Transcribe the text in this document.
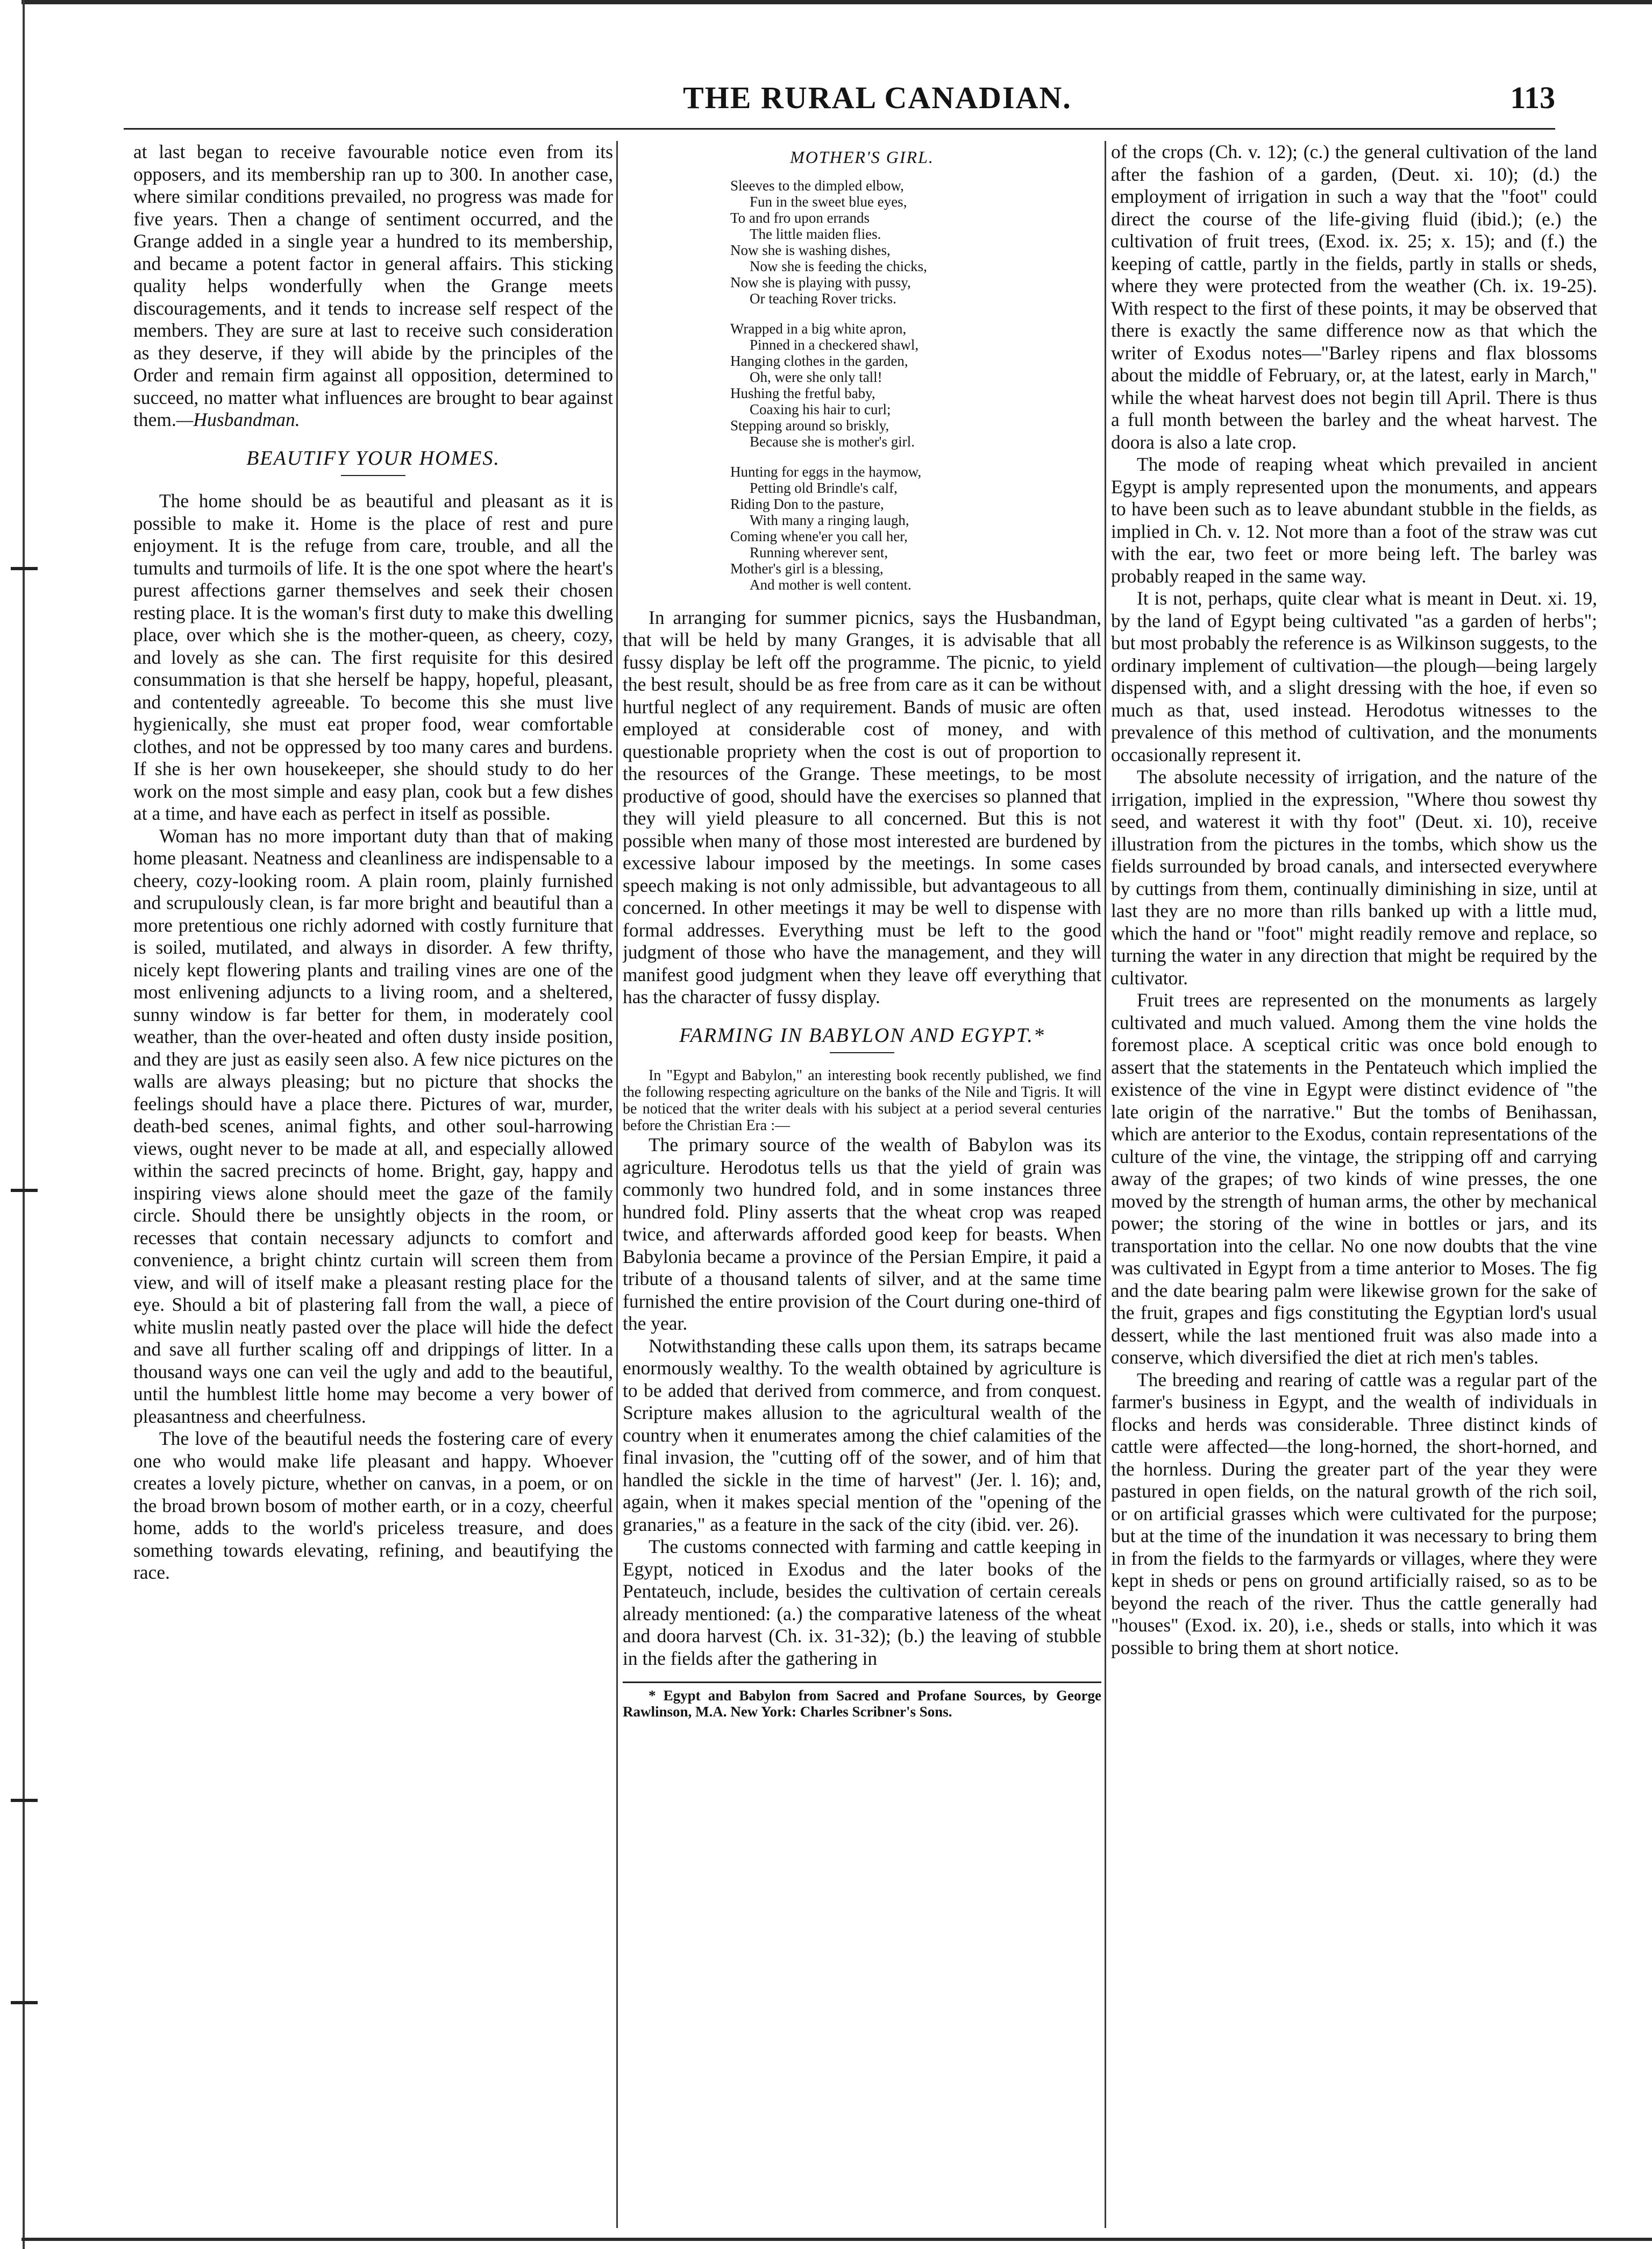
THE RURAL CANADIAN.	113

at last began to receive favourable notice even from its opposers, and its membership ran up to 300. In another case, where similar conditions prevailed, no progress was made for five years. Then a change of sentiment occurred, and the Grange added in a single year a hundred to its membership, and became a potent factor in general affairs. This sticking quality helps wonderfully when the Grange meets discouragements, and it tends to increase self respect of the members. They are sure at last to receive such consideration as they deserve, if they will abide by the principles of the Order and remain firm against all opposition, determined to succeed, no matter what influences are brought to bear against them.—Husbandman.

BEAUTIFY YOUR HOMES.

The home should be as beautiful and pleasant as it is possible to make it. Home is the place of rest and pure enjoyment. It is the refuge from care, trouble, and all the tumults and turmoils of life. It is the one spot where the heart's purest affections garner themselves and seek their chosen resting place. It is the woman's first duty to make this dwelling place, over which she is the mother-queen, as cheery, cozy, and lovely as she can. The first requisite for this desired consummation is that she herself be happy, hopeful, pleasant, and contentedly agreeable. To become this she must live hygienically, she must eat proper food, wear comfortable clothes, and not be oppressed by too many cares and burdens. If she is her own housekeeper, she should study to do her work on the most simple and easy plan, cook but a few dishes at a time, and have each as perfect in itself as possible.

Woman has no more important duty than that of making home pleasant. Neatness and cleanliness are indispensable to a cheery, cozy-looking room. A plain room, plainly furnished and scrupulously clean, is far more bright and beautiful than a more pretentious one richly adorned with costly furniture that is soiled, mutilated, and always in disorder. A few thrifty, nicely kept flowering plants and trailing vines are one of the most enlivening adjuncts to a living room, and a sheltered, sunny window is far better for them, in moderately cool weather, than the over-heated and often dusty inside position, and they are just as easily seen also. A few nice pictures on the walls are always pleasing; but no picture that shocks the feelings should have a place there. Pictures of war, murder, death-bed scenes, animal fights, and other soul-harrowing views, ought never to be made at all, and especially allowed within the sacred precincts of home. Bright, gay, happy and inspiring views alone should meet the gaze of the family circle. Should there be unsightly objects in the room, or recesses that contain necessary adjuncts to comfort and convenience, a bright chintz curtain will screen them from view, and will of itself make a pleasant resting place for the eye. Should a bit of plastering fall from the wall, a piece of white muslin neatly pasted over the place will hide the defect and save all further scaling off and drippings of litter. In a thousand ways one can veil the ugly and add to the beautiful, until the humblest little home may become a very bower of pleasantness and cheerfulness.

The love of the beautiful needs the fostering care of every one who would make life pleasant and happy. Whoever creates a lovely picture, whether on canvas, in a poem, or on the broad brown bosom of mother earth, or in a cozy, cheerful home, adds to the world's priceless treasure, and does something towards elevating, refining, and beautifying the race.

MOTHER'S GIRL.
Sleeves to the dimpled elbow,
Fun in the sweet blue eyes,
To and fro upon errands
The little maiden flies.
Now she is washing dishes,
Now she is feeding the chicks,
Now she is playing with pussy,
Or teaching Rover tricks.
Wrapped in a big white apron,
Pinned in a checkered shawl,
Hanging clothes in the garden,
Oh, were she only tall!
Hushing the fretful baby,
Coaxing his hair to curl;
Stepping around so briskly,
Because she is mother's girl.
Hunting for eggs in the haymow,
Petting old Brindle's calf,
Riding Don to the pasture,
With many a ringing laugh,
Coming whene'er you call her,
Running wherever sent,
Mother's girl is a blessing,
And mother is well content.

In arranging for summer picnics, says the Husbandman, that will be held by many Granges, it is advisable that all fussy display be left off the programme. The picnic, to yield the best result, should be as free from care as it can be without hurtful neglect of any requirement. Bands of music are often employed at considerable cost of money, and with questionable propriety when the cost is out of proportion to the resources of the Grange. These meetings, to be most productive of good, should have the exercises so planned that they will yield pleasure to all concerned. But this is not possible when many of those most interested are burdened by excessive labour imposed by the meetings. In some cases speech making is not only admissible, but advantageous to all concerned. In other meetings it may be well to dispense with formal addresses. Everything must be left to the good judgment of those who have the management, and they will manifest good judgment when they leave off everything that has the character of fussy display.

FARMING IN BABYLON AND EGYPT.*

In "Egypt and Babylon," an interesting book recently published, we find the following respecting agriculture on the banks of the Nile and Tigris. It will be noticed that the writer deals with his subject at a period several centuries before the Christian Era :—

The primary source of the wealth of Babylon was its agriculture. Herodotus tells us that the yield of grain was commonly two hundred fold, and in some instances three hundred fold. Pliny asserts that the wheat crop was reaped twice, and afterwards afforded good keep for beasts. When Babylonia became a province of the Persian Empire, it paid a tribute of a thousand talents of silver, and at the same time furnished the entire provision of the Court during one-third of the year.

Notwithstanding these calls upon them, its satraps became enormously wealthy. To the wealth obtained by agriculture is to be added that derived from commerce, and from conquest. Scripture makes allusion to the agricultural wealth of the country when it enumerates among the chief calamities of the final invasion, the "cutting off of the sower, and of him that handled the sickle in the time of harvest" (Jer. l. 16); and, again, when it makes special mention of the "opening of the granaries," as a feature in the sack of the city (ibid. ver. 26).

The customs connected with farming and cattle keeping in Egypt, noticed in Exodus and the later books of the Pentateuch, include, besides the cultivation of certain cereals already mentioned: (a.) the comparative lateness of the wheat and doora harvest (Ch. ix. 31-32); (b.) the leaving of stubble in the fields after the gathering in

* Egypt and Babylon from Sacred and Profane Sources, by George Rawlinson, M.A. New York: Charles Scribner's Sons.

of the crops (Ch. v. 12); (c.) the general cultivation of the land after the fashion of a garden, (Deut. xi. 10); (d.) the employment of irrigation in such a way that the "foot" could direct the course of the life-giving fluid (ibid.); (e.) the cultivation of fruit trees, (Exod. ix. 25; x. 15); and (f.) the keeping of cattle, partly in the fields, partly in stalls or sheds, where they were protected from the weather (Ch. ix. 19-25). With respect to the first of these points, it may be observed that there is exactly the same difference now as that which the writer of Exodus notes—"Barley ripens and flax blossoms about the middle of February, or, at the latest, early in March," while the wheat harvest does not begin till April. There is thus a full month between the barley and the wheat harvest. The doora is also a late crop.

The mode of reaping wheat which prevailed in ancient Egypt is amply represented upon the monuments, and appears to have been such as to leave abundant stubble in the fields, as implied in Ch. v. 12. Not more than a foot of the straw was cut with the ear, two feet or more being left. The barley was probably reaped in the same way.

It is not, perhaps, quite clear what is meant in Deut. xi. 19, by the land of Egypt being cultivated "as a garden of herbs"; but most probably the reference is as Wilkinson suggests, to the ordinary implement of cultivation—the plough—being largely dispensed with, and a slight dressing with the hoe, if even so much as that, used instead. Herodotus witnesses to the prevalence of this method of cultivation, and the monuments occasionally represent it.

The absolute necessity of irrigation, and the nature of the irrigation, implied in the expression, "Where thou sowest thy seed, and waterest it with thy foot" (Deut. xi. 10), receive illustration from the pictures in the tombs, which show us the fields surrounded by broad canals, and intersected everywhere by cuttings from them, continually diminishing in size, until at last they are no more than rills banked up with a little mud, which the hand or "foot" might readily remove and replace, so turning the water in any direction that might be required by the cultivator.

Fruit trees are represented on the monuments as largely cultivated and much valued. Among them the vine holds the foremost place. A sceptical critic was once bold enough to assert that the statements in the Pentateuch which implied the existence of the vine in Egypt were distinct evidence of "the late origin of the narrative." But the tombs of Benihassan, which are anterior to the Exodus, contain representations of the culture of the vine, the vintage, the stripping off and carrying away of the grapes; of two kinds of wine presses, the one moved by the strength of human arms, the other by mechanical power; the storing of the wine in bottles or jars, and its transportation into the cellar. No one now doubts that the vine was cultivated in Egypt from a time anterior to Moses. The fig and the date bearing palm were likewise grown for the sake of the fruit, grapes and figs constituting the Egyptian lord's usual dessert, while the last mentioned fruit was also made into a conserve, which diversified the diet at rich men's tables.

The breeding and rearing of cattle was a regular part of the farmer's business in Egypt, and the wealth of individuals in flocks and herds was considerable. Three distinct kinds of cattle were affected—the long-horned, the short-horned, and the hornless. During the greater part of the year they were pastured in open fields, on the natural growth of the rich soil, or on artificial grasses which were cultivated for the purpose; but at the time of the inundation it was necessary to bring them in from the fields to the farmyards or villages, where they were kept in sheds or pens on ground artificially raised, so as to be beyond the reach of the river. Thus the cattle generally had "houses" (Exod. ix. 20), i.e., sheds or stalls, into which it was possible to bring them at short notice.
